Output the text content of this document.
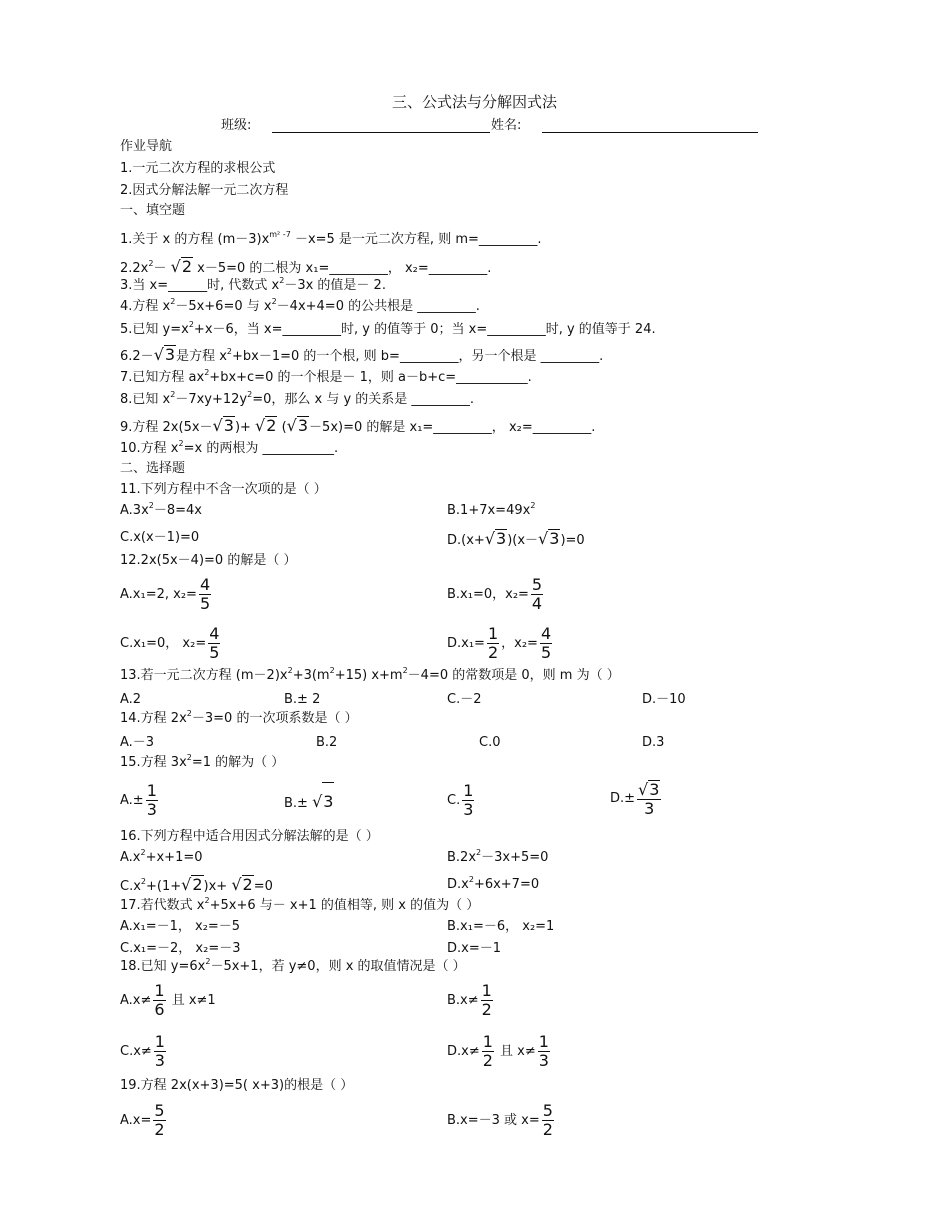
三、公式法与分解因式法
班级:	姓名:
作业导航
1.一元二次方程的求根公式
2.因式分解法解一元二次方程
一、填空题
1.关于 x 的方程 $(m-3)x^{m^2 -7} -x=5$ 是一元二次方程, 则 m=_________.
$2.2x^2- √2$ x－5=0 的二根为 x₁=_________， x₂=_________.
3.当 x=______时, 代数式 $x^2-3x$ 的值是－ 2.
4.方程 $x^2-5x+6=0$ 与 $x^2-4x+4=0$ 的公共根是 _________.
5.已知 $y=x^2+x-6$，当 x=_________时, y 的值等于 0；当 x=_________时, y 的值等于 24.
6.2－√3是方程 $x^2+bx-1=0$ 的一个根, 则 b=_________，另一个根是 _________.
7.已知方程 $ax^2+bx+c=0$ 的一个根是－ 1，则 a－b+c=___________.
8.已知 $x^2-7xy+12y^2=0$，那么 x 与 y 的关系是 _________.
9.方程 2x(5x－√3)+ √2 (√3－5x)=0 的解是 x₁=_________， x₂=_________.
10.方程 $x^2=x$ 的两根为 ___________.
二、选择题
11.下列方程中不含一次项的是（ ）
$A.3x^2-8=4x$	$B.1+7x=49x^2$
C.x(x－1)=0	D.(x+√3)(x－√3)=0
12.2x(5x－4)=0 的解是（ ）
A.x₁=2, $x_2= \frac{4}{5}$	B.x₁=0，$x_2= \frac{5}{4}$
C.x₁=0， $x_2= \frac{4}{5}$	$D.x_1= \frac{1}{2}$ ，$x_2= \frac{4}{5}$
13.若一元二次方程 $(m-2)x^2+3(m^2+15)$ $x+m^2-4=0$ 的常数项是 0，则 m 为（ ）
A.2	B.± 2	C.－2	D.－10
14.方程 $2x^2-3=0$ 的一次项系数是（ ）
A.－3	B.2	C.0	D.3
15.方程 $3x^2=1$ 的解为（ ）
$A.\pm \frac{1}{3}$	B.± √3	C. $\frac{1}{3}$	$D.\pm \frac{√3}{3}$
16.下列方程中适合用因式分解法解的是（ ）
$A.x^2+x+1=0$	$B.2x^2-3x+5=0$
$C.x^2+(1+√2)x+ √2=0$	$D.x^2+6x+7=0$
17.若代数式 $x^2+5x+6$ 与－ x+1 的值相等, 则 x 的值为（ ）
A.x₁=－1， x₂=－5	B.x₁=－6， x₂=1
C.x₁=－2， x₂=－3	D.x=－1
18.已知 $y=6x^2-5x+1$，若 y≠0，则 x 的取值情况是（ ）
$A.x\ne \frac{1}{6}$ 且 x≠1	$B.x\ne \frac{1}{2}$
$C.x\ne \frac{1}{3}$	$D.x\ne \frac{1}{2}$ 且 $x\ne \frac{1}{3}$
19.方程 2x(x+3)=5( x+3)的根是（ ）
$A.x= \frac{5}{2}$	B.x=－3 或 $x= \frac{5}{2}$
